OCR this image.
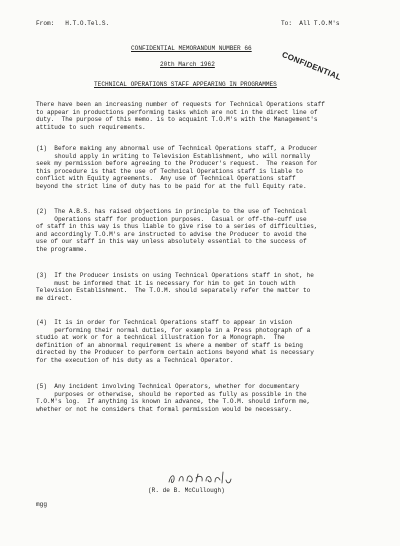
From:   H.T.O.Tel.S.	To:  All T.O.M's
CONFIDENTIAL MEMORANDUM NUMBER 66
CONFIDENTIAL
20th March 1962
TECHNICAL OPERATIONS STAFF APPEARING IN PROGRAMMES
There have been an increasing number of requests for Technical Operations staff
to appear in productions performing tasks which are not in the direct line of
duty.  The purpose of this memo. is to acquaint T.O.M's with the Management's
attitude to such requirements.
(1)  Before making any abnormal use of Technical Operations staff, a Producer
should apply in writing to Television Establishment, who will normally
seek my permission before agreeing to the Producer's request.  The reason for
this procedure is that the use of Technical Operations staff is liable to
conflict with Equity agreements.  Any use of Technical Operations staff
beyond the strict line of duty has to be paid for at the full Equity rate.
(2)  The A.B.S. has raised objections in principle to the use of Technical
Operations staff for production purposes.  Casual or off-the-cuff use
of staff in this way is thus liable to give rise to a series of difficulties,
and accordingly T.O.M's are instructed to advise the Producer to avoid the
use of our staff in this way unless absolutely essential to the success of
the programme.
(3)  If the Producer insists on using Technical Operations staff in shot, he
must be informed that it is necessary for him to get in touch with
Television Establishment.  The T.O.M. should separately refer the matter to
me direct.
(4)  It is in order for Technical Operations staff to appear in vision
performing their normal duties, for example in a Press photograph of a
studio at work or for a technical illustration for a Monograph.  The
definition of an abnormal requirement is where a member of staff is being
directed by the Producer to perform certain actions beyond what is necessary
for the execution of his duty as a Technical Operator.
(5)  Any incident involving Technical Operators, whether for documentary
purposes or otherwise, should be reported as fully as possible in the
T.O.M's log.  If anything is known in advance, the T.O.M. should inform me,
whether or not he considers that formal permission would be necessary.
(R. de B. McCullough)
mgg
